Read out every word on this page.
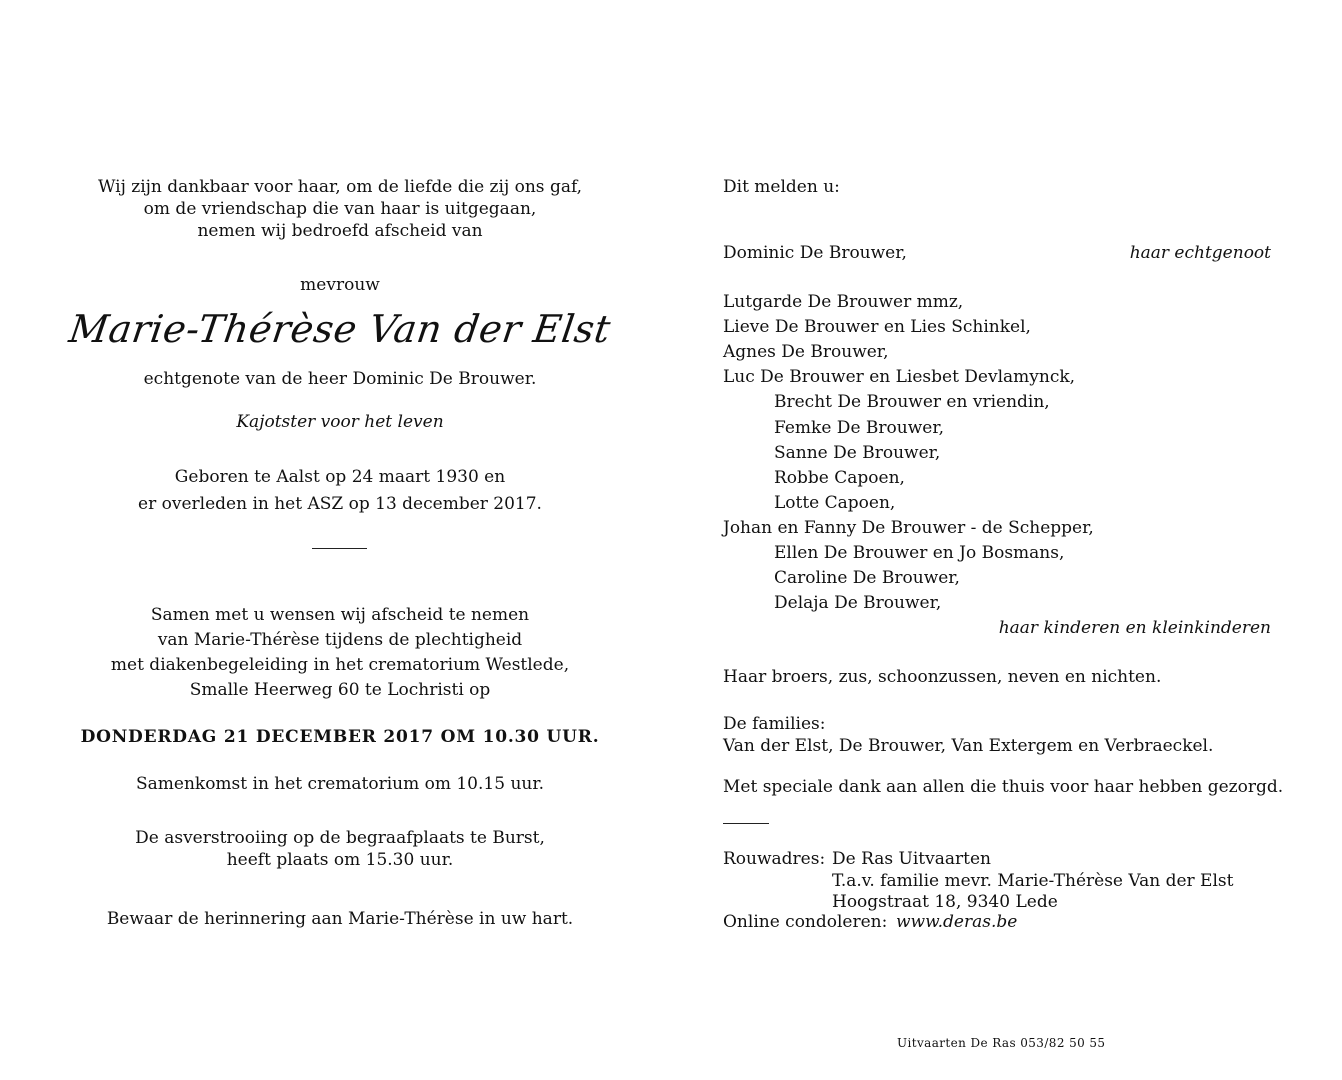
Wij zijn dankbaar voor haar, om de liefde die zij ons gaf,
om de vriendschap die van haar is uitgegaan,
nemen wij bedroefd afscheid van
mevrouw
Marie-Thérèse Van der Elst
echtgenote van de heer Dominic De Brouwer.
Kajotster voor het leven
Geboren te Aalst op 24 maart 1930 en
er overleden in het ASZ op 13 december 2017.
Samen met u wensen wij afscheid te nemen
van Marie-Thérèse tijdens de plechtigheid
met diakenbegeleiding in het crematorium Westlede,
Smalle Heerweg 60 te Lochristi op
DONDERDAG 21 DECEMBER 2017 OM 10.30 UUR.
Samenkomst in het crematorium om 10.15 uur.
De asverstrooiing op de begraafplaats te Burst,
heeft plaats om 15.30 uur.
Bewaar de herinnering aan Marie-Thérèse in uw hart.
Dit melden u:
Dominic De Brouwer,	haar echtgenoot
Lutgarde De Brouwer mmz,
Lieve De Brouwer en Lies Schinkel,
Agnes De Brouwer,
Luc De Brouwer en Liesbet Devlamynck,
Brecht De Brouwer en vriendin,
Femke De Brouwer,
Sanne De Brouwer,
Robbe Capoen,
Lotte Capoen,
Johan en Fanny De Brouwer - de Schepper,
Ellen De Brouwer en Jo Bosmans,
Caroline De Brouwer,
Delaja De Brouwer,
haar kinderen en kleinkinderen
Haar broers, zus, schoonzussen, neven en nichten.
De families:
Van der Elst, De Brouwer, Van Extergem en Verbraeckel.
Met speciale dank aan allen die thuis voor haar hebben gezorgd.
Rouwadres: De Ras Uitvaarten
T.a.v. familie mevr. Marie-Thérèse Van der Elst
Hoogstraat 18, 9340 Lede
Online condoleren: www.deras.be
Uitvaarten De Ras 053/82 50 55
